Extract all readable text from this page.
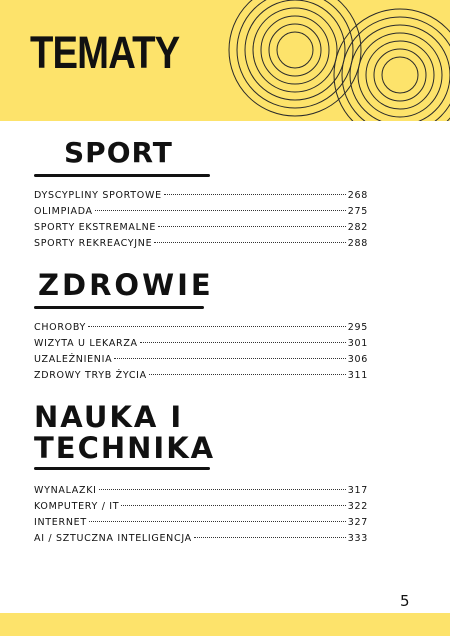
TEMATY
SPORT
DYSCYPLINY SPORTOWE	268
OLIMPIADA	275
SPORTY EKSTREMALNE	282
SPORTY REKREACYJNE	288
ZDROWIE
CHOROBY	295
WIZYTA U LEKARZA	301
UZALEŻNIENIA	306
ZDROWY TRYB ŻYCIA	311
NAUKA I
TECHNIKA
WYNALAZKI	317
KOMPUTERY / IT	322
INTERNET	327
AI / SZTUCZNA INTELIGENCJA	333
5
